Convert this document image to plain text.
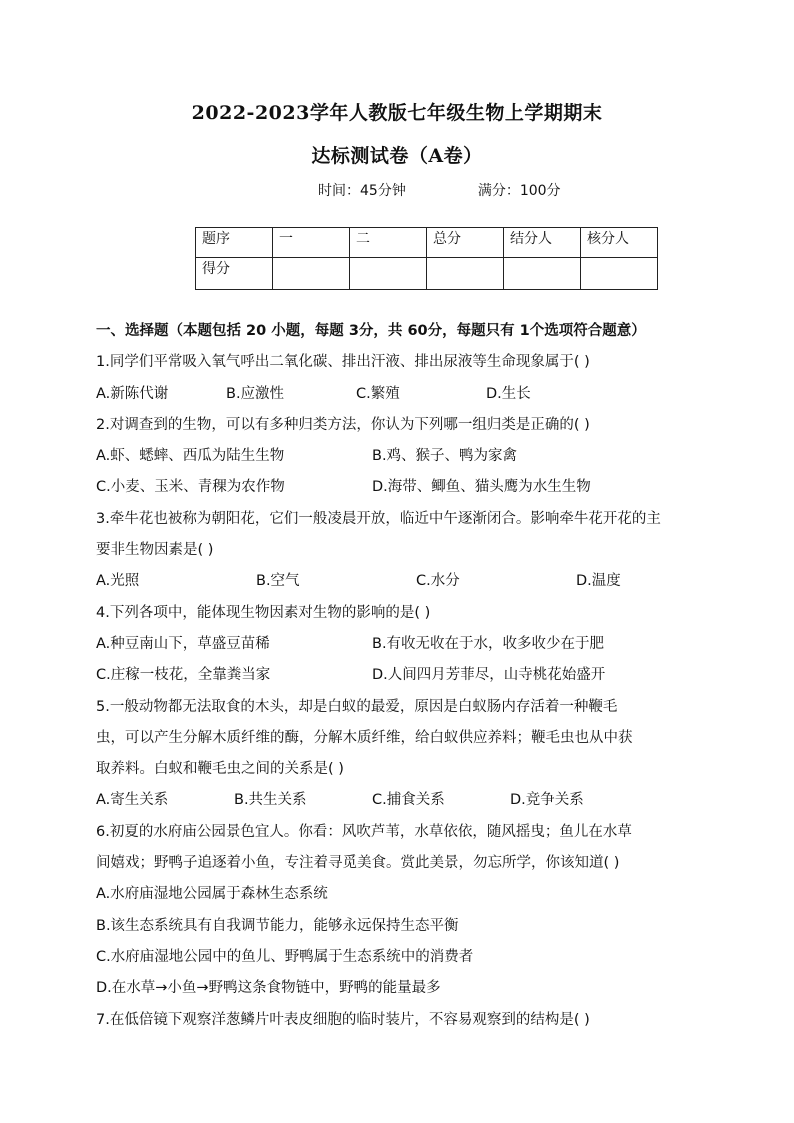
2022-2023学年人教版七年级生物上学期期末
达标测试卷（A卷）
时间：45分钟	满分：100分
题序	一	二	总分	结分人	核分人
得分					
一、选择题（本题包括 20 小题，每题 3分，共 60分，每题只有 1个选项符合题意）
1.同学们平常吸入氧气呼出二氧化碳、排出汗液、排出尿液等生命现象属于( )
A.新陈代谢	B.应激性	C.繁殖	D.生长
2.对调查到的生物，可以有多种归类方法，你认为下列哪一组归类是正确的( )
A.虾、蟋蟀、西瓜为陆生生物	B.鸡、猴子、鸭为家禽
C.小麦、玉米、青稞为农作物	D.海带、鲫鱼、猫头鹰为水生生物
3.牵牛花也被称为朝阳花，它们一般凌晨开放，临近中午逐渐闭合。影响牵牛花开花的主
要非生物因素是( )
A.光照	B.空气	C.水分	D.温度
4.下列各项中，能体现生物因素对生物的影响的是( )
A.种豆南山下，草盛豆苗稀	B.有收无收在于水，收多收少在于肥
C.庄稼一枝花，全靠粪当家	D.人间四月芳菲尽，山寺桃花始盛开
5.一般动物都无法取食的木头，却是白蚁的最爱，原因是白蚁肠内存活着一种鞭毛
虫，可以产生分解木质纤维的酶，分解木质纤维，给白蚁供应养料；鞭毛虫也从中获
取养料。白蚁和鞭毛虫之间的关系是( )
A.寄生关系	B.共生关系	C.捕食关系	D.竞争关系
6.初夏的水府庙公园景色宜人。你看：风吹芦苇，水草依依，随风摇曳；鱼儿在水草
间嬉戏；野鸭子追逐着小鱼，专注着寻觅美食。赏此美景，勿忘所学，你该知道( )
A.水府庙湿地公园属于森林生态系统
B.该生态系统具有自我调节能力，能够永远保持生态平衡
C.水府庙湿地公园中的鱼儿、野鸭属于生态系统中的消费者
D.在水草→小鱼→野鸭这条食物链中，野鸭的能量最多
7.在低倍镜下观察洋葱鳞片叶表皮细胞的临时装片，不容易观察到的结构是( )
